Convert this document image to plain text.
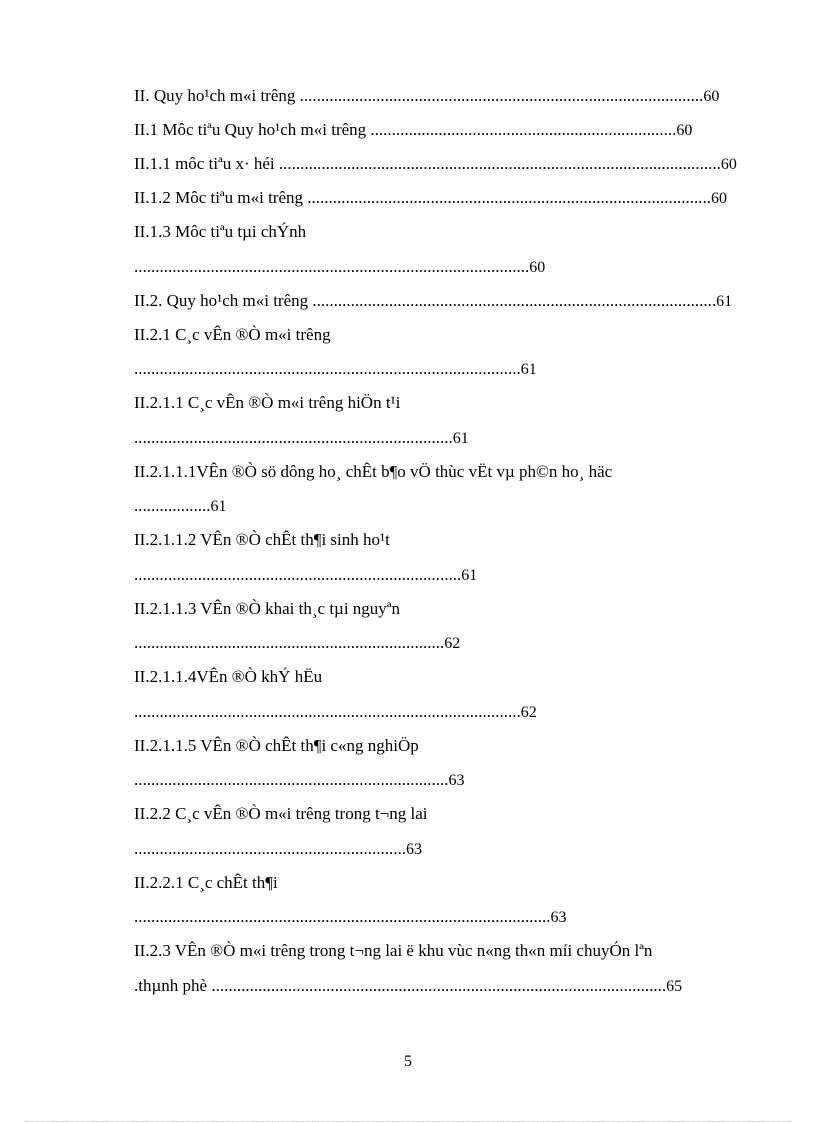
II. Quy ho¹ch m«i trêng ...............................................................................................60
II.1 Môc tiªu Quy ho¹ch m«i trêng ........................................................................60
II.1.1 môc tiªu x· héi ........................................................................................................60
II.1.2 Môc tiªu m«i trêng ...............................................................................................60
II.1.3 Môc tiªu tµi chÝnh
.............................................................................................60
II.2. Quy ho¹ch m«i trêng ...............................................................................................61
II.2.1 C¸c vÊn ®Ò m«i trêng
...........................................................................................61
II.2.1.1 C¸c vÊn ®Ò m«i trêng hiÖn t¹i
...........................................................................61
II.2.1.1.1VÊn ®Ò sö dông ho¸ chÊt b¶o vÖ thùc vËt vµ ph©n ho¸ häc
..................61
II.2.1.1.2 VÊn ®Ò chÊt th¶i sinh ho¹t
.............................................................................61
II.2.1.1.3 VÊn ®Ò khai th¸c tµi nguyªn
.........................................................................62
II.2.1.1.4VÊn ®Ò khÝ hËu
...........................................................................................62
II.2.1.1.5 VÊn ®Ò chÊt th¶i c«ng nghiÖp
..........................................................................63
II.2.2 C¸c vÊn ®Ò m«i trêng trong t¬ng lai
................................................................63
II.2.2.1 C¸c chÊt th¶i
..................................................................................................63
II.2.3 VÊn ®Ò m«i trêng trong t¬ng lai ë khu vùc n«ng th«n míi chuyÓn lªn
.thµnh phè ...........................................................................................................65
5
